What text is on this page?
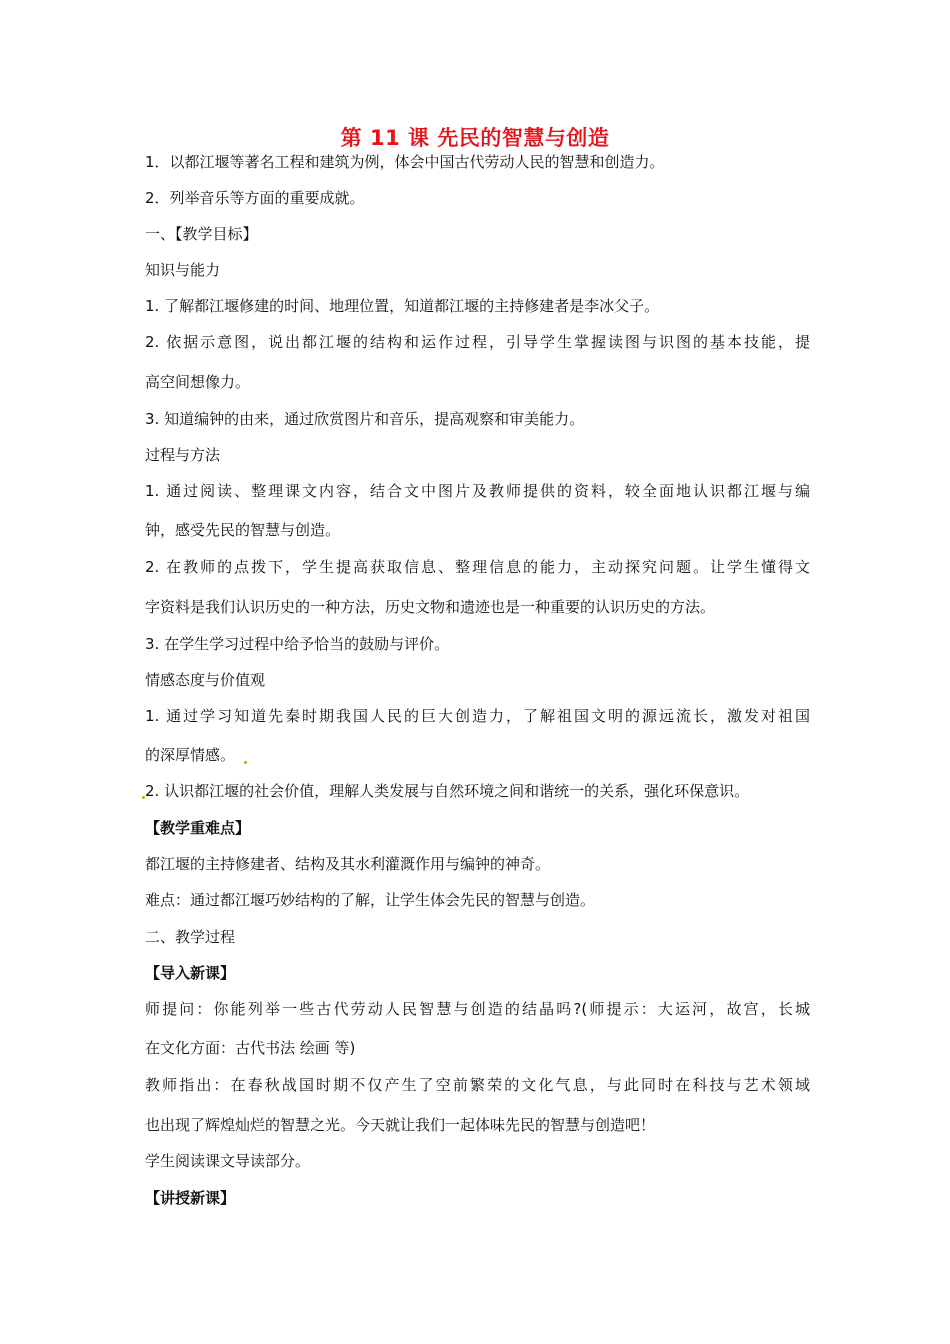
第 11 课 先民的智慧与创造
1．以都江堰等著名工程和建筑为例，体会中国古代劳动人民的智慧和创造力。
2．列举音乐等方面的重要成就。
一、【教学目标】
知识与能力
1. 了解都江堰修建的时间、地理位置，知道都江堰的主持修建者是李冰父子。
2. 依据示意图，说出都江堰的结构和运作过程，引导学生掌握读图与识图的基本技能，提
高空间想像力。
3. 知道编钟的由来，通过欣赏图片和音乐，提高观察和审美能力。
过程与方法
1. 通过阅读、整理课文内容，结合文中图片及教师提供的资料，较全面地认识都江堰与编
钟，感受先民的智慧与创造。
2. 在教师的点拨下，学生提高获取信息、整理信息的能力，主动探究问题。让学生懂得文
字资料是我们认识历史的一种方法，历史文物和遗迹也是一种重要的认识历史的方法。
3. 在学生学习过程中给予恰当的鼓励与评价。
情感态度与价值观
1. 通过学习知道先秦时期我国人民的巨大创造力，了解祖国文明的源远流长，激发对祖国
的深厚情感。
2. 认识都江堰的社会价值，理解人类发展与自然环境之间和谐统一的关系，强化环保意识。
【教学重难点】
都江堰的主持修建者、结构及其水利灌溉作用与编钟的神奇。
难点：通过都江堰巧妙结构的了解，让学生体会先民的智慧与创造。
二、教学过程
【导入新课】
师提问：你能列举一些古代劳动人民智慧与创造的结晶吗?(师提示：大运河，故宫，长城
在文化方面：古代书法 绘画 等)
教师指出：在春秋战国时期不仅产生了空前繁荣的文化气息，与此同时在科技与艺术领域
也出现了辉煌灿烂的智慧之光。今天就让我们一起体味先民的智慧与创造吧！
学生阅读课文导读部分。
【讲授新课】
